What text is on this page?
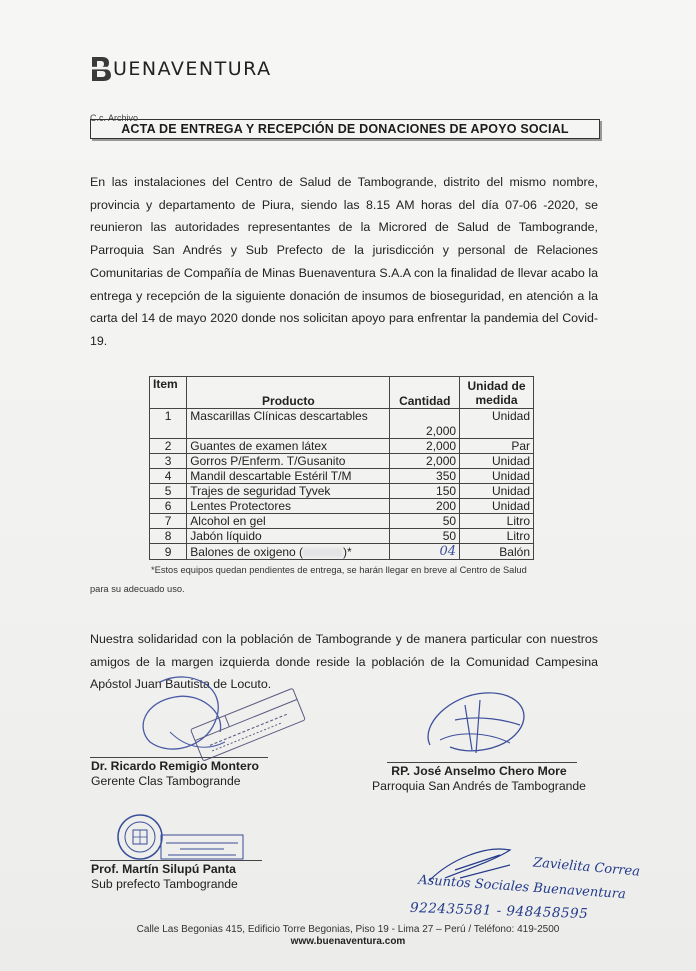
UENAVENTURA
C.c. Archivo
ACTA DE ENTREGA Y RECEPCIÓN DE DONACIONES DE APOYO SOCIAL
En las instalaciones del Centro de Salud de Tambogrande, distrito del mismo nombre, provincia y departamento de Piura, siendo las 8.15 AM horas del día 07-06 -2020, se reunieron las autoridades representantes de la Microred de Salud de Tambogrande, Parroquia San Andrés y Sub Prefecto de la jurisdicción y personal de Relaciones Comunitarias de Compañía de Minas Buenaventura S.A.A con la finalidad de llevar acabo la entrega y recepción de la siguiente donación de insumos de bioseguridad, en atención a la carta del 14 de mayo 2020 donde nos solicitan apoyo para enfrentar la pandemia del Covid-19.
Item	Producto	Cantidad	Unidad de medida
1	Mascarillas Clínicas descartables	2,000	Unidad
2	Guantes de examen látex	2,000	Par
3	Gorros P/Enferm. T/Gusanito	2,000	Unidad
4	Mandil descartable Estéril T/M	350	Unidad
5	Trajes de seguridad Tyvek	150	Unidad
6	Lentes Protectores	200	Unidad
7	Alcohol en gel	50	Litro
8	Jabón líquido	50	Litro
9	Balones de oxigeno ( )*	04	Balón
*Estos equipos quedan pendientes de entrega, se harán llegar en breve al Centro de Salud
para su adecuado uso.
Nuestra solidaridad con la población de Tambogrande y de manera particular con nuestros amigos de la margen izquierda donde reside la población de la Comunidad Campesina Apóstol Juan Bautista de Locuto.
Dr. Ricardo Remigio Montero
Gerente Clas Tambogrande
RP. José Anselmo Chero More
Parroquia San Andrés de Tambogrande
Prof. Martín Silupú Panta
Sub prefecto Tambogrande
Zavielita Correa
Asuntos Sociales Buenaventura
922435581 - 948458595
Calle Las Begonias 415, Edificio Torre Begonias, Piso 19 - Lima 27 – Perú / Teléfono: 419-2500
www.buenaventura.com
